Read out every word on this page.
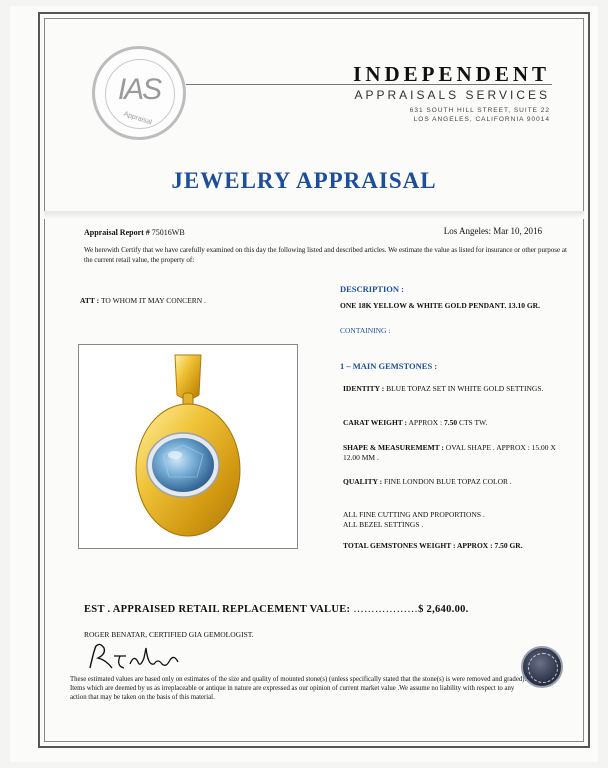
IAS
Appraisal
INDEPENDENT
APPRAISALS SERVICES
631 SOUTH HILL STREET, SUITE 22
LOS ANGELES, CALIFORNIA 90014
JEWELRY APPRAISAL
Appraisal Report # 75016WB	Los Angeles: Mar 10, 2016
We herewith Certify that we have carefully examined on this day the following listed and described articles. We estimate the value as listed for insurance or other purpose at the current retail value, the property of:
ATT : TO WHOM IT MAY CONCERN .
DESCRIPTION :
ONE 18K YELLOW & WHITE GOLD PENDANT. 13.10 GR.
CONTAINING :
1 – MAIN GEMSTONES :
IDENTITY : BLUE TOPAZ SET IN WHITE GOLD SETTINGS.
CARAT WEIGHT : APPROX : 7.50 CTS TW.
SHAPE & MEASUREMEMT : OVAL SHAPE . APPROX : 15.00 X 12.00 MM .
QUALITY : FINE LONDON BLUE TOPAZ COLOR .
ALL FINE CUTTING AND PROPORTIONS .
ALL BEZEL SETTINGS .
TOTAL GEMSTONES WEIGHT : APPROX : 7.50 GR.
EST . APPRAISED RETAIL REPLACEMENT VALUE: ………………$ 2,640.00.
ROGER BENATAR, CERTIFIED GIA GEMOLOGIST.
These estimated values are based only on estimates of the size and quality of mounted stone(s) (unless specifically stated that the stone(s) is were removed and graded). Items which are deemed by us as irreplaceable or antique in nature are expressed as our opinion of current market value .We assume no liability with respect to any action that may be taken on the basis of this material.
